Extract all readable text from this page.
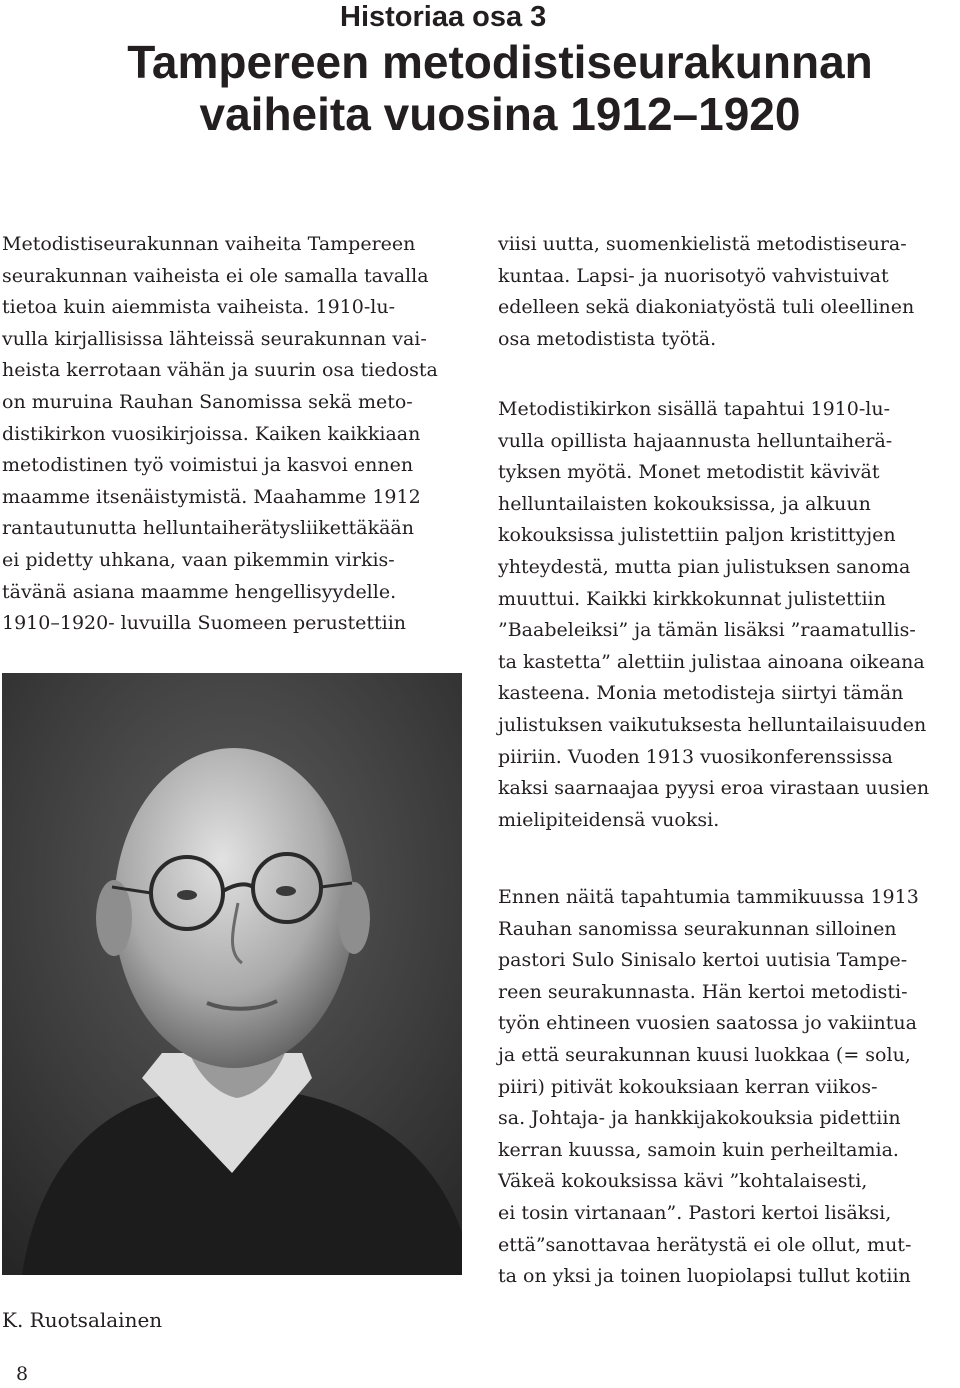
Historiaa osa 3
Tampereen metodistiseurakunnan
vaiheita vuosina 1912–1920

Metodistiseurakunnan vaiheita Tampereen

seurakunnan vaiheista ei ole samalla tavalla

tietoa kuin aiemmista vaiheista. 1910-lu-

vulla kirjallisissa lähteissä seurakunnan vai-

heista kerrotaan vähän ja suurin osa tiedosta

on muruina Rauhan Sanomissa sekä meto-

distikirkon vuosikirjoissa. Kaiken kaikkiaan

metodistinen työ voimistui ja kasvoi ennen

maamme itsenäistymistä. Maahamme 1912

rantautunutta helluntaiherätysliikettäkään

ei pidetty uhkana, vaan pikemmin virkis-

tävänä asiana maamme hengellisyydelle.

1910–1920- luvuilla Suomeen perustettiin

viisi uutta, suomenkielistä metodistiseura-

kuntaa. Lapsi- ja nuorisotyö vahvistuivat

edelleen sekä diakoniatyöstä tuli oleellinen

osa metodistista työtä.

Metodistikirkon sisällä tapahtui 1910-lu-

vulla opillista hajaannusta helluntaiherä-

tyksen myötä. Monet metodistit kävivät

helluntailaisten kokouksissa, ja alkuun

kokouksissa julistettiin paljon kristittyjen

yhteydestä, mutta pian julistuksen sanoma

muuttui. Kaikki kirkkokunnat julistettiin

”Baabeleiksi” ja tämän lisäksi ”raamatullis-

ta kastetta” alettiin julistaa ainoana oikeana

kasteena. Monia metodisteja siirtyi tämän

julistuksen vaikutuksesta helluntailaisuuden

piiriin. Vuoden 1913 vuosikonferenssissa

kaksi saarnaajaa pyysi eroa virastaan uusien

mielipiteidensä vuoksi.

Ennen näitä tapahtumia tammikuussa 1913

Rauhan sanomissa seurakunnan silloinen

pastori Sulo Sinisalo kertoi uutisia Tampe-

reen seurakunnasta. Hän kertoi metodisti-

työn ehtineen vuosien saatossa jo vakiintua

ja että seurakunnan kuusi luokkaa (= solu,

piiri) pitivät kokouksiaan kerran viikos-

sa. Johtaja- ja hankkijakokouksia pidettiin

kerran kuussa, samoin kuin perheiltamia.

Väkeä kokouksissa kävi ”kohtalaisesti,

ei tosin virtanaan”. Pastori kertoi lisäksi,

että”sanottavaa herätystä ei ole ollut, mut-

ta on yksi ja toinen luopiolapsi tullut kotiin

K. Ruotsalainen
8
